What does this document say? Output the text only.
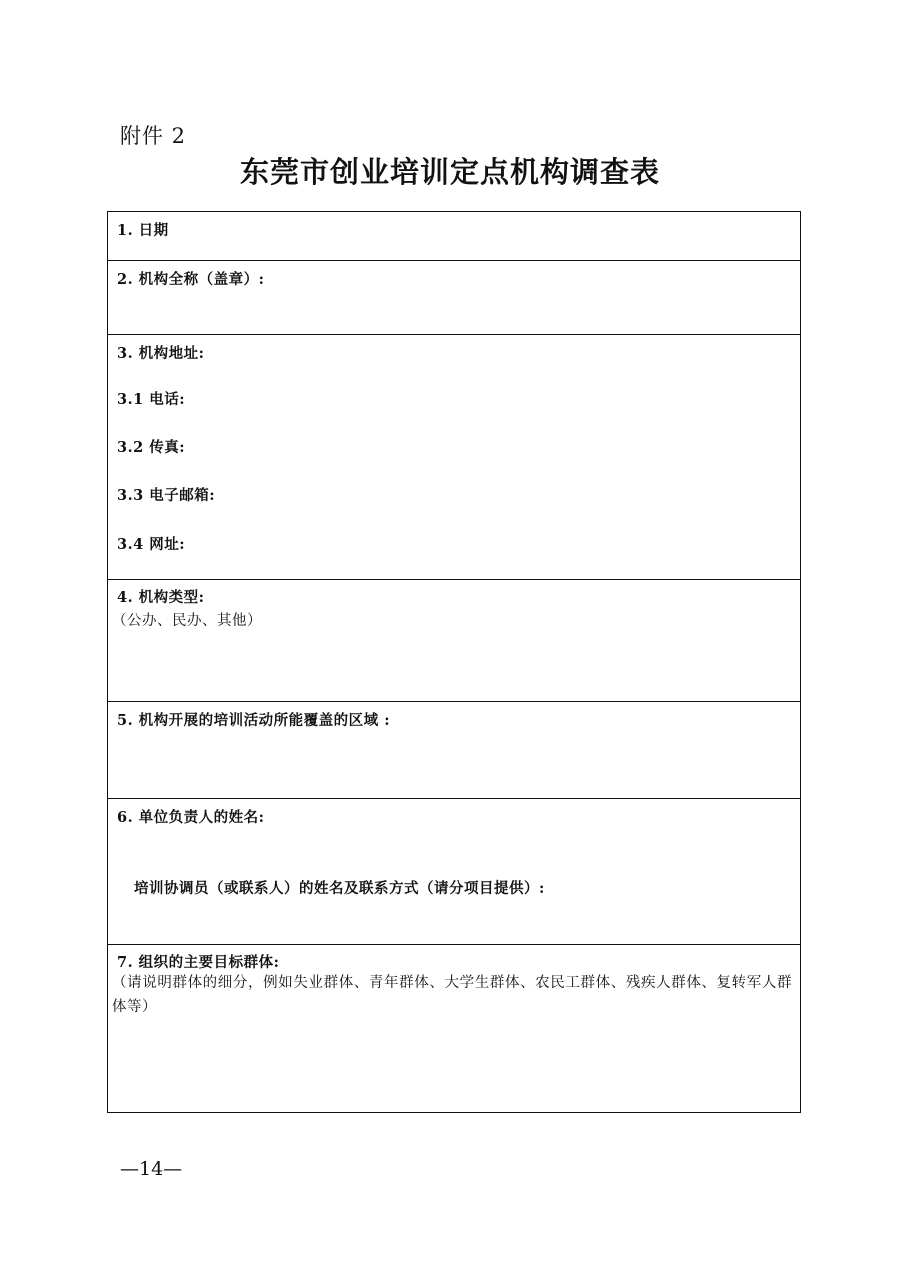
附件 2
东莞市创业培训定点机构调查表
1. 日期
2. 机构全称（盖章）:
3. 机构地址:
3.1 电话:
3.2 传真:
3.3 电子邮箱:
3.4 网址:
4. 机构类型:
（公办、民办、其他）
5. 机构开展的培训活动所能覆盖的区域 :
6. 单位负责人的姓名:
培训协调员（或联系人）的姓名及联系方式（请分项目提供）:
7. 组织的主要目标群体:
（请说明群体的细分，例如失业群体、青年群体、大学生群体、农民工群体、残疾人群体、复转军人群体等）
—14—
